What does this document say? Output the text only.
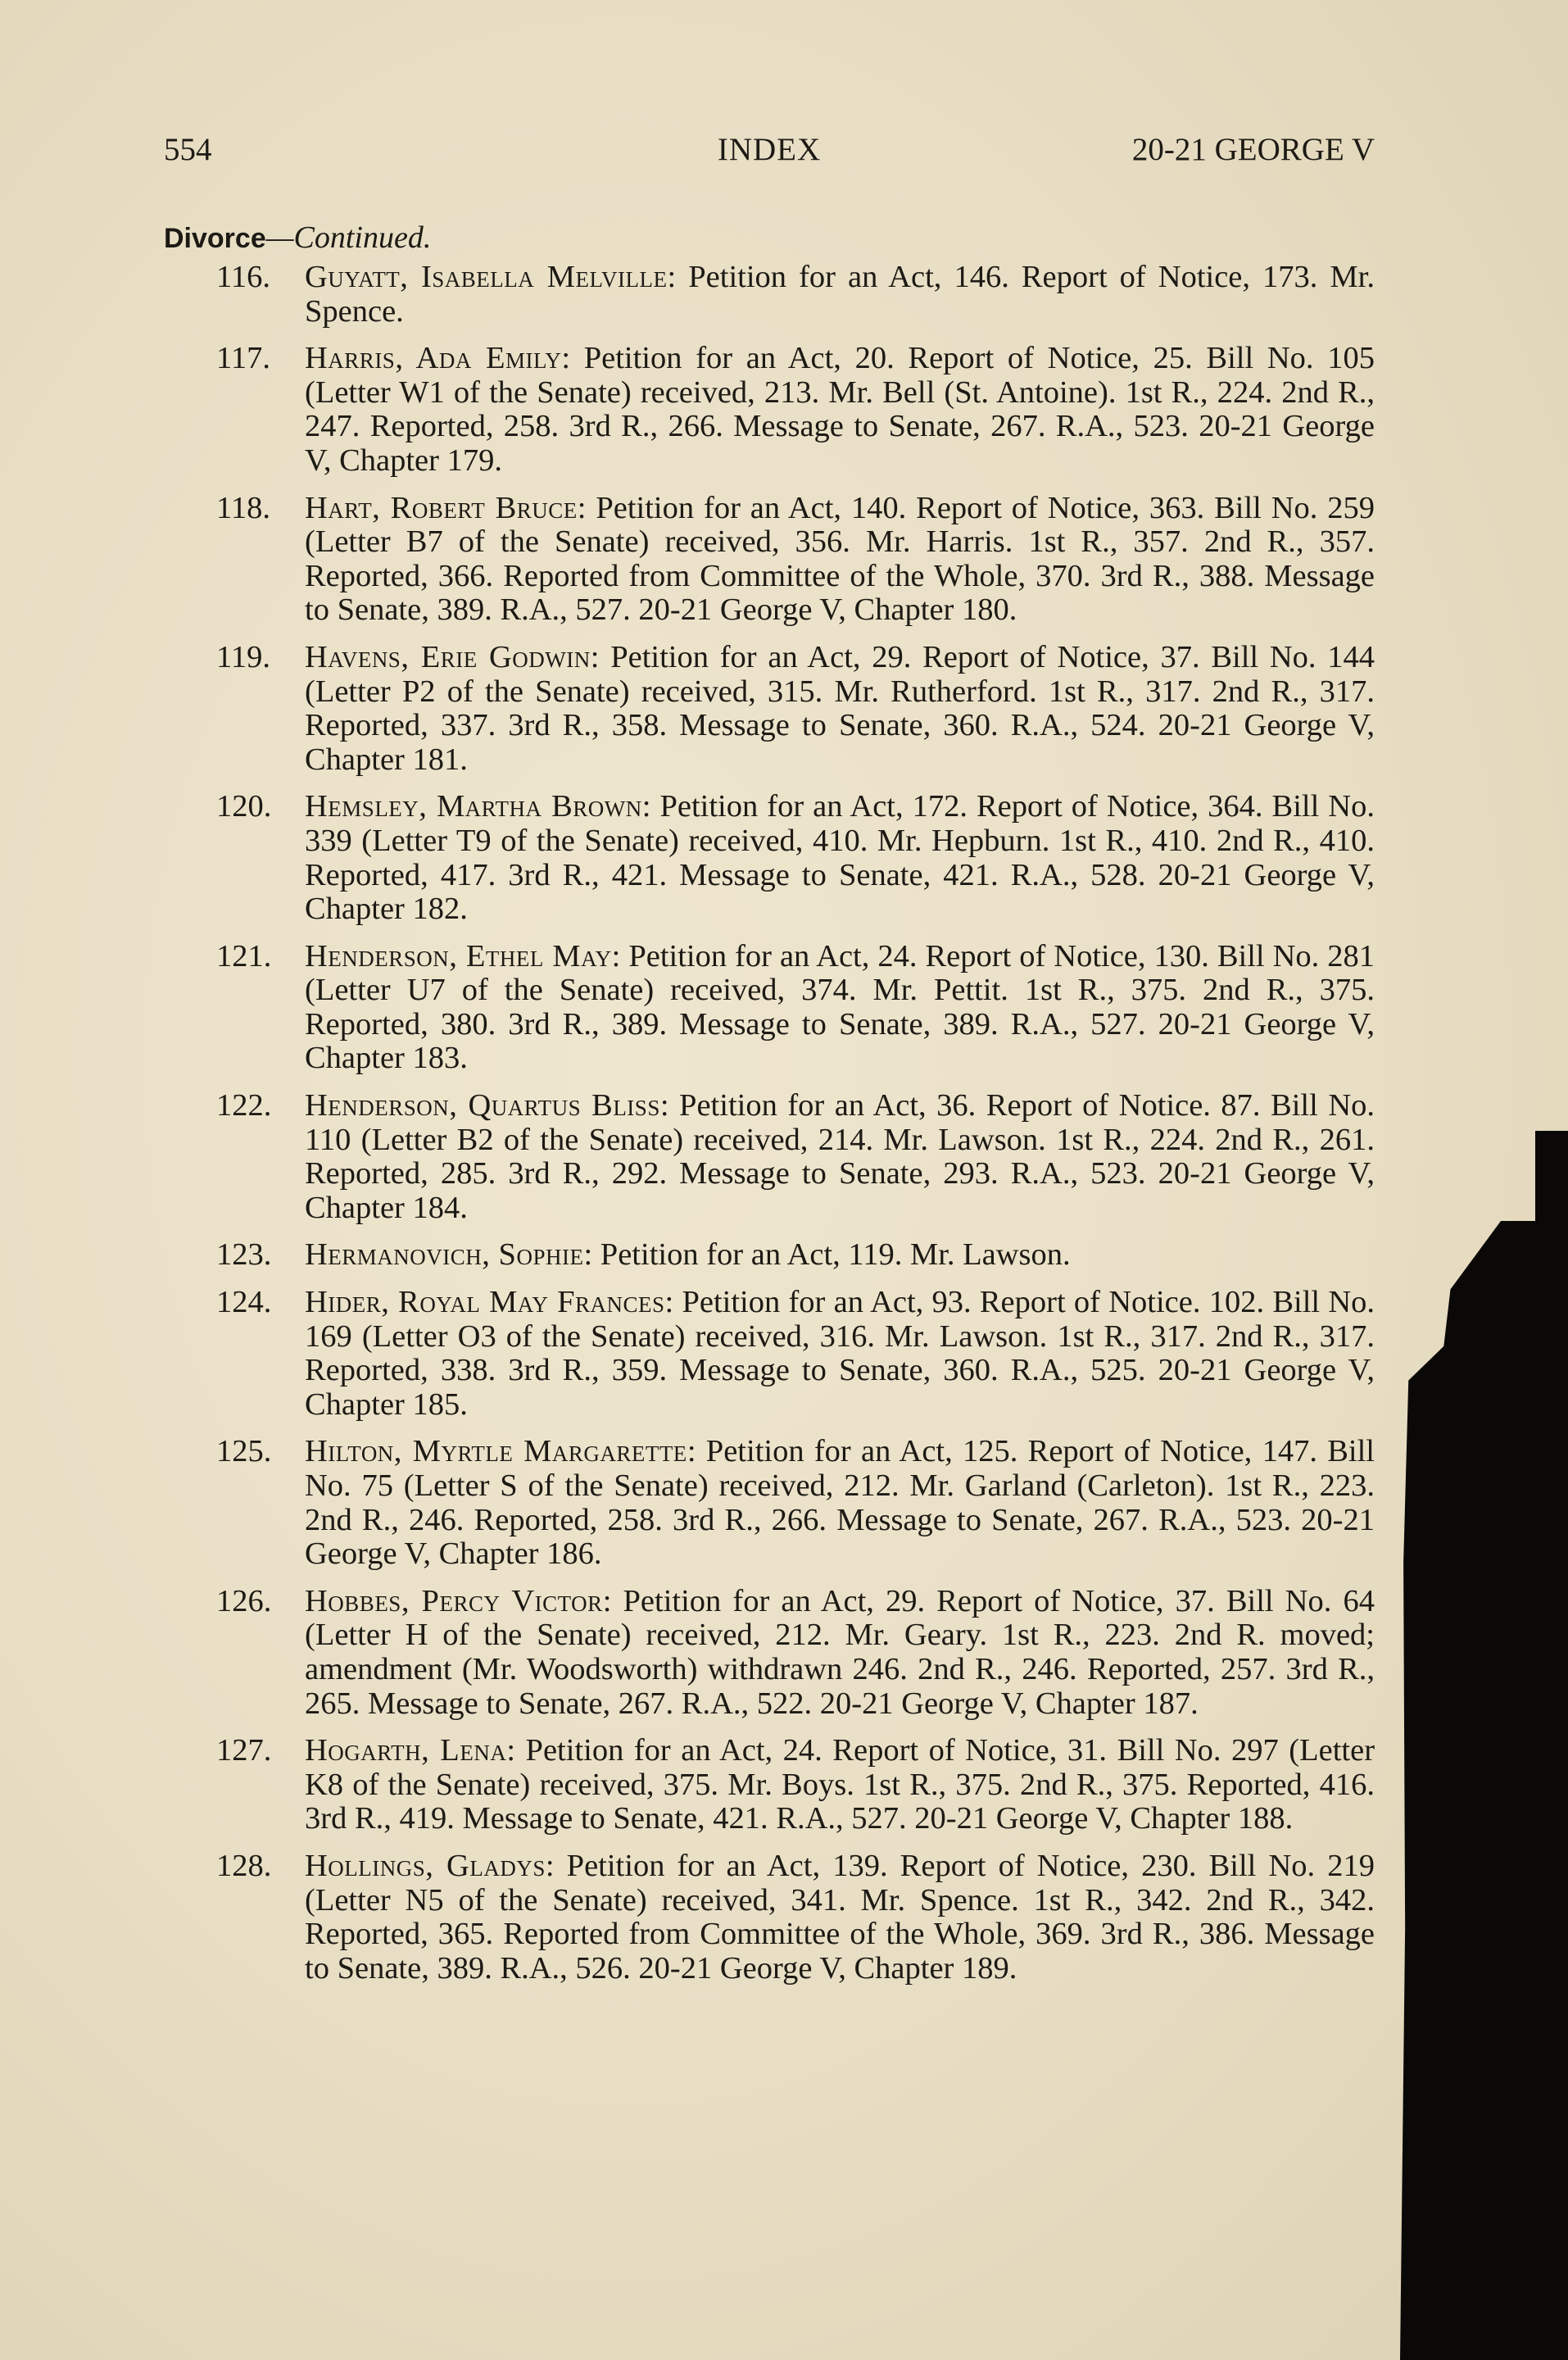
554	INDEX	20-21 GEORGE V
Divorce—Continued.
116. Guyatt, Isabella Melville: Petition for an Act, 146. Report of Notice, 173. Mr. Spence.
117. Harris, Ada Emily: Petition for an Act, 20. Report of Notice, 25. Bill No. 105 (Letter W1 of the Senate) received, 213. Mr. Bell (St. Antoine). 1st R., 224. 2nd R., 247. Reported, 258. 3rd R., 266. Message to Senate, 267. R.A., 523. 20-21 George V, Chapter 179.
118. Hart, Robert Bruce: Petition for an Act, 140. Report of Notice, 363. Bill No. 259 (Letter B7 of the Senate) received, 356. Mr. Harris. 1st R., 357. 2nd R., 357. Reported, 366. Reported from Committee of the Whole, 370. 3rd R., 388. Message to Senate, 389. R.A., 527. 20-21 George V, Chapter 180.
119. Havens, Erie Godwin: Petition for an Act, 29. Report of Notice, 37. Bill No. 144 (Letter P2 of the Senate) received, 315. Mr. Rutherford. 1st R., 317. 2nd R., 317. Reported, 337. 3rd R., 358. Message to Senate, 360. R.A., 524. 20-21 George V, Chapter 181.
120. Hemsley, Martha Brown: Petition for an Act, 172. Report of Notice, 364. Bill No. 339 (Letter T9 of the Senate) received, 410. Mr. Hepburn. 1st R., 410. 2nd R., 410. Reported, 417. 3rd R., 421. Message to Senate, 421. R.A., 528. 20-21 George V, Chapter 182.
121. Henderson, Ethel May: Petition for an Act, 24. Report of Notice, 130. Bill No. 281 (Letter U7 of the Senate) received, 374. Mr. Pettit. 1st R., 375. 2nd R., 375. Reported, 380. 3rd R., 389. Message to Senate, 389. R.A., 527. 20-21 George V, Chapter 183.
122. Henderson, Quartus Bliss: Petition for an Act, 36. Report of Notice. 87. Bill No. 110 (Letter B2 of the Senate) received, 214. Mr. Lawson. 1st R., 224. 2nd R., 261. Reported, 285. 3rd R., 292. Message to Senate, 293. R.A., 523. 20-21 George V, Chapter 184.
123. Hermanovich, Sophie: Petition for an Act, 119. Mr. Lawson.
124. Hider, Royal May Frances: Petition for an Act, 93. Report of Notice. 102. Bill No. 169 (Letter O3 of the Senate) received, 316. Mr. Lawson. 1st R., 317. 2nd R., 317. Reported, 338. 3rd R., 359. Message to Senate, 360. R.A., 525. 20-21 George V, Chapter 185.
125. Hilton, Myrtle Margarette: Petition for an Act, 125. Report of Notice, 147. Bill No. 75 (Letter S of the Senate) received, 212. Mr. Garland (Carleton). 1st R., 223. 2nd R., 246. Reported, 258. 3rd R., 266. Message to Senate, 267. R.A., 523. 20-21 George V, Chapter 186.
126. Hobbes, Percy Victor: Petition for an Act, 29. Report of Notice, 37. Bill No. 64 (Letter H of the Senate) received, 212. Mr. Geary. 1st R., 223. 2nd R. moved; amendment (Mr. Woodsworth) withdrawn 246. 2nd R., 246. Reported, 257. 3rd R., 265. Message to Senate, 267. R.A., 522. 20-21 George V, Chapter 187.
127. Hogarth, Lena: Petition for an Act, 24. Report of Notice, 31. Bill No. 297 (Letter K8 of the Senate) received, 375. Mr. Boys. 1st R., 375. 2nd R., 375. Reported, 416. 3rd R., 419. Message to Senate, 421. R.A., 527. 20-21 George V, Chapter 188.
128. Hollings, Gladys: Petition for an Act, 139. Report of Notice, 230. Bill No. 219 (Letter N5 of the Senate) received, 341. Mr. Spence. 1st R., 342. 2nd R., 342. Reported, 365. Reported from Committee of the Whole, 369. 3rd R., 386. Message to Senate, 389. R.A., 526. 20-21 George V, Chapter 189.
